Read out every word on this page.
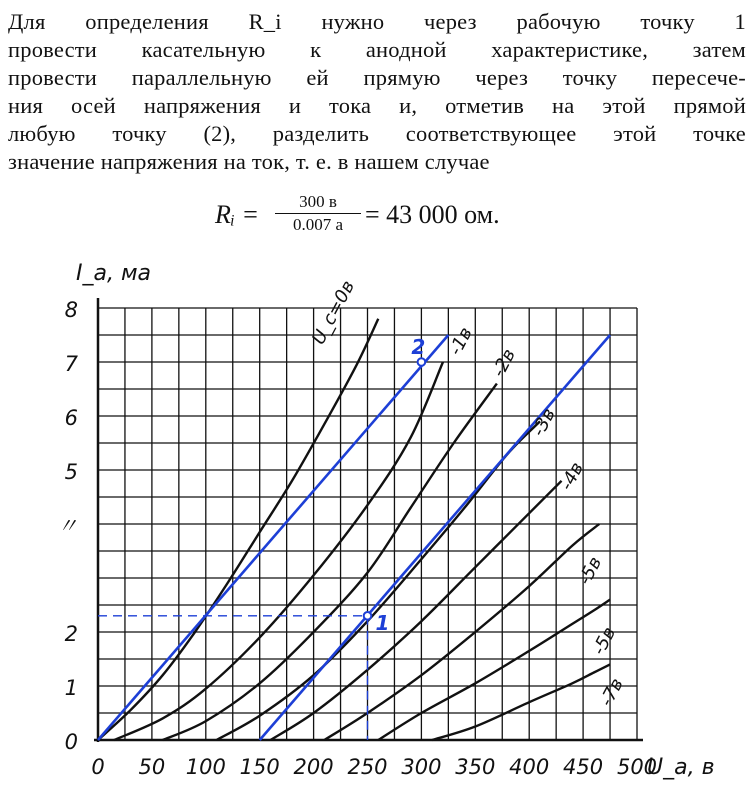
Для определения R_i нужно через рабочую точку 1
провести касательную к анодной характеристике, затем
провести параллельную ей прямую через точку пересече-
ния осей напряжения и тока и, отметив на этой прямой
любую точку (2), разделить соответствующее этой точке
значение напряжения на ток, т. е. в нашем случае
Rᵢ =	300 в
0.007 а = 43 000 ом.
0 50 100 150 200 250 300 350 400 450 500
0
1
2
〃
5
6
7
8
U_a, в
I_a, ма
1
2
U_c=0в	-1в
-2в
-3в
-4в
-5в
-5в
-7в
